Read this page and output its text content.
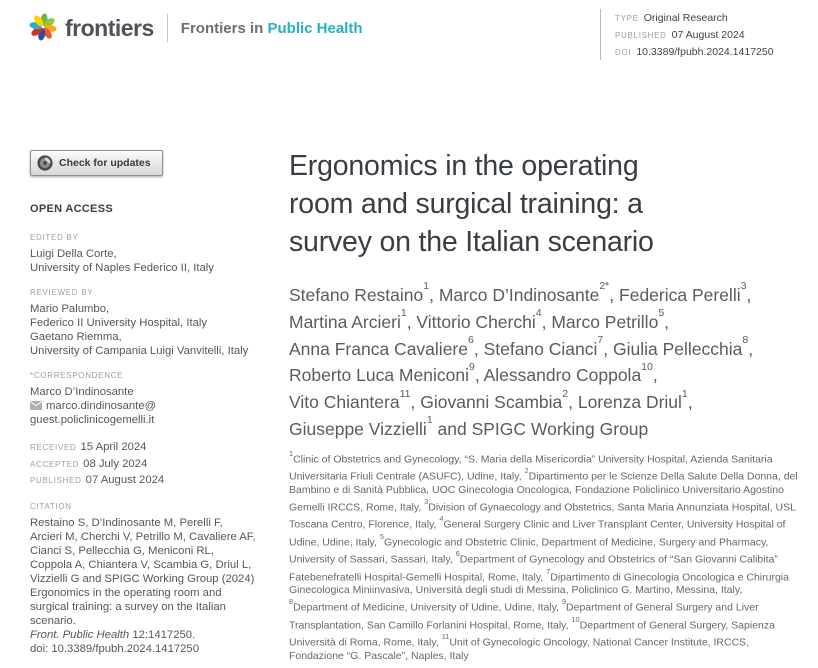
frontiers Frontiers in Public Health
TYPE Original Research
PUBLISHED 07 August 2024
DOI 10.3389/fpubh.2024.1417250
Check for updates
OPEN ACCESS
EDITED BY
Luigi Della Corte,
University of Naples Federico II, Italy
REVIEWED BY
Mario Palumbo,
Federico II University Hospital, Italy
Gaetano Riemma,
University of Campania Luigi Vanvitelli, Italy
*CORRESPONDENCE
Marco D’Indinosante
marco.dindinosante@
guest.policlinicogemelli.it
RECEIVED 15 April 2024
ACCEPTED 08 July 2024
PUBLISHED 07 August 2024
CITATION

Restaino S, D’Indinosante M, Perelli F, Arcieri M, Cherchi V, Petrillo M, Cavaliere AF, Cianci S, Pellecchia G, Meniconi RL, Coppola A, Chiantera V, Scambia G, Driul L, Vizzielli G and SPIGC Working Group (2024) Ergonomics in the operating room and surgical training: a survey on the Italian scenario.

Front. Public Health 12:1417250.
doi: 10.3389/fpubh.2024.1417250
Ergonomics in the operating
room and surgical training: a
survey on the Italian scenario
Stefano Restaino$^1$, Marco D’Indinosante$^{2*}$, Federica Perelli$^3$,
Martina Arcieri$^1$, Vittorio Cherchi$^4$, Marco Petrillo$^5$,
Anna Franca Cavaliere$^6$, Stefano Cianci$^7$, Giulia Pellecchia$^8$,
Roberto Luca Meniconi$^9$, Alessandro Coppola$^{10}$,
Vito Chiantera$^{11}$, Giovanni Scambia$^2$, Lorenza Driul$^1$,
Giuseppe Vizzielli$^1$ and SPIGC Working Group

$^1$Clinic of Obstetrics and Gynecology, “S. Maria della Misericordia” University Hospital, Azienda Sanitaria Universitaria Friuli Centrale (ASUFC), Udine, Italy, $^2$Dipartimento per le Scienze Della Salute Della Donna, del Bambino e di Sanità Pubblica, UOC Ginecologia Oncologica, Fondazione Policlinico Universitario Agostino Gemelli IRCCS, Rome, Italy, $^3$Division of Gynaecology and Obstetrics, Santa Maria Annunziata Hospital, USL Toscana Centro, Florence, Italy, $^4$General Surgery Clinic and Liver Transplant Center, University Hospital of Udine, Udine, Italy, $^5$Gynecologic and Obstetric Clinic, Department of Medicine, Surgery and Pharmacy, University of Sassari, Sassari, Italy, $^6$Department of Gynecology and Obstetrics of “San Giovanni Calibita” Fatebenefratelli Hospital-Gemelli Hospital, Rome, Italy, $^7$Dipartimento di Ginecologia Oncologica e Chirurgia Ginecologica Miniinvasiva, Università degli studi di Messina, Policlinico G. Martino, Messina, Italy, $^8$Department of Medicine, University of Udine, Udine, Italy, $^9$Department of General Surgery and Liver Transplantation, San Camillo Forlanini Hospital, Rome, Italy, $^{10}$Department of General Surgery, Sapienza Università di Roma, Rome, Italy, $^{11}$Unit of Gynecologic Oncology, National Cancer Institute, IRCCS, Fondazione “G. Pascale”, Naples, Italy
